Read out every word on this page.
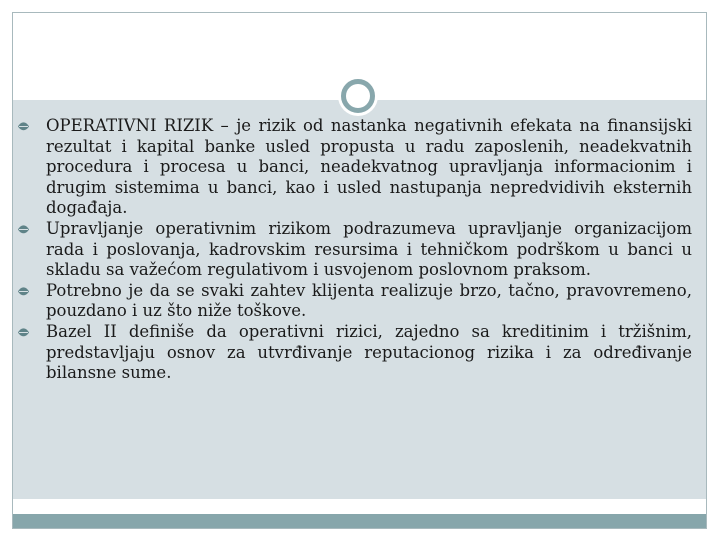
OPERATIVNI RIZIK – je rizik od nastanka negativnih efekata na finansijski rezultat i kapital banke usled propusta u radu zaposlenih, neadekvatnih procedura i procesa u banci, neadekvatnog upravljanja informacionim i drugim sistemima u banci, kao i usled nastupanja nepredvidivih eksternih događaja.

Upravljanje operativnim rizikom podrazumeva upravljanje organizacijom rada i poslovanja, kadrovskim resursima i tehničkom podrškom u banci u skladu sa važećom regulativom i usvojenom poslovnom praksom.

Potrebno je da se svaki zahtev klijenta realizuje brzo, tačno, pravovremeno, pouzdano i uz što niže toškove.

Bazel II definiše da operativni rizici, zajedno sa kreditinim i tržišnim, predstavljaju osnov za utvrđivanje reputacionog rizika i za određivanje bilansne sume.
